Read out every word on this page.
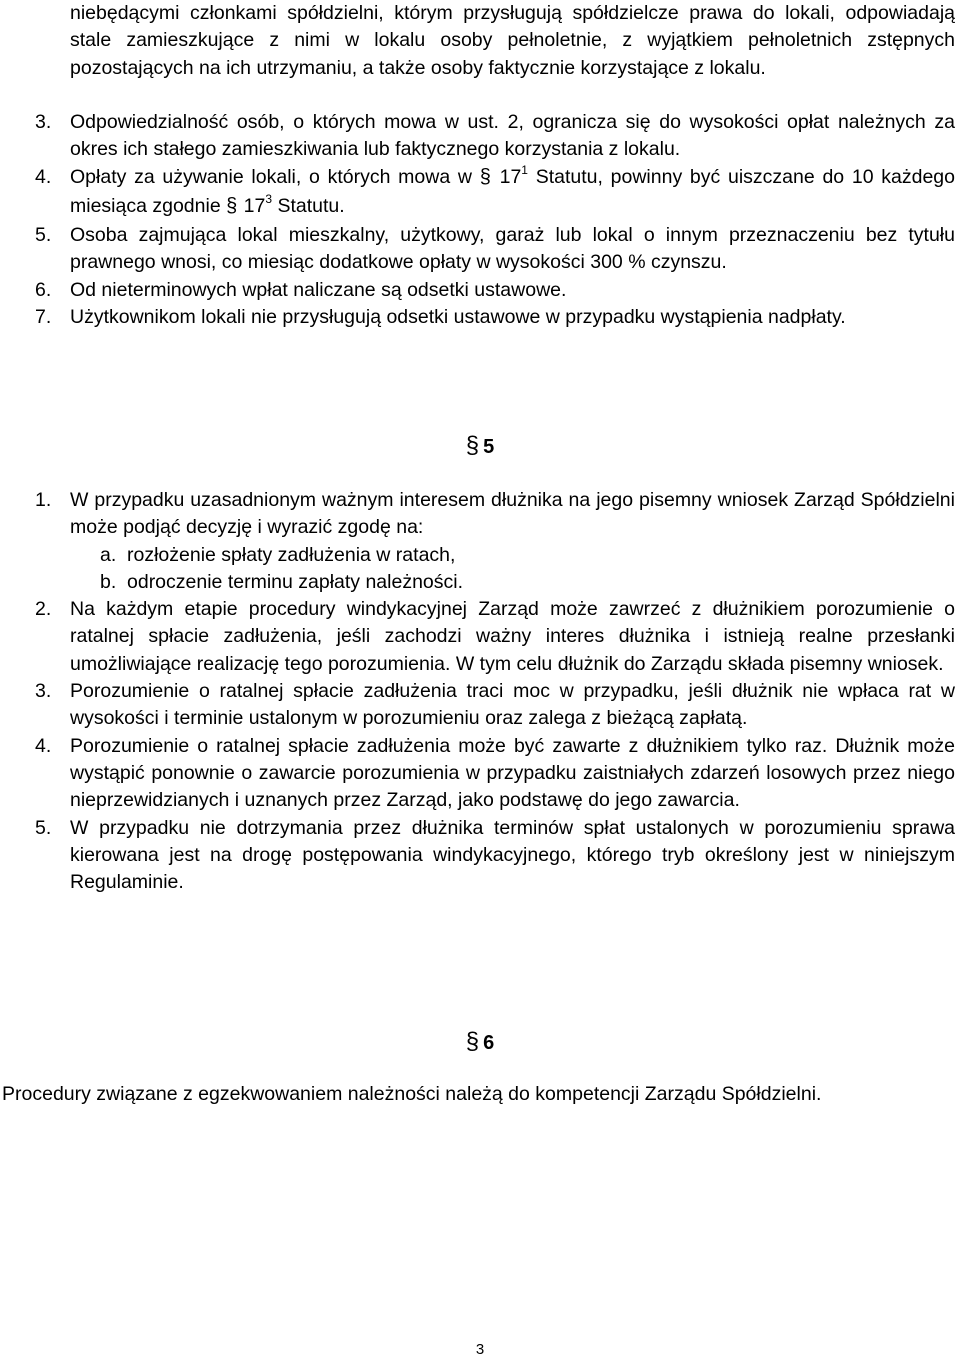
niebędącymi członkami spółdzielni, którym przysługują spółdzielcze prawa do lokali, odpowiadają stale zamieszkujące z nimi w lokalu osoby pełnoletnie, z wyjątkiem pełnoletnich zstępnych pozostających na ich utrzymaniu, a także osoby faktycznie korzystające z lokalu.
3. Odpowiedzialność osób, o których mowa w ust. 2, ogranicza się do wysokości opłat należnych za okres ich stałego zamieszkiwania lub faktycznego korzystania z lokalu.
4. Opłaty za używanie lokali, o których mowa w § $17^1$ Statutu, powinny być uiszczane do 10 każdego miesiąca zgodnie § $17^3$ Statutu.
5. Osoba zajmująca lokal mieszkalny, użytkowy, garaż lub lokal o innym przeznaczeniu bez tytułu prawnego wnosi, co miesiąc dodatkowe opłaty w wysokości 300 % czynszu.
6. Od nieterminowych wpłat naliczane są odsetki ustawowe.
7. Użytkownikom lokali nie przysługują odsetki ustawowe w przypadku wystąpienia nadpłaty.
§ 5
1. W przypadku uzasadnionym ważnym interesem dłużnika na jego pisemny wniosek Zarząd Spółdzielni może podjąć decyzję i wyrazić zgodę na:
a. rozłożenie spłaty zadłużenia w ratach,
b. odroczenie terminu zapłaty należności.
2. Na każdym etapie procedury windykacyjnej Zarząd może zawrzeć z dłużnikiem porozumienie o ratalnej spłacie zadłużenia, jeśli zachodzi ważny interes dłużnika i istnieją realne przesłanki umożliwiające realizację tego porozumienia. W tym celu dłużnik do Zarządu składa pisemny wniosek.
3. Porozumienie o ratalnej spłacie zadłużenia traci moc w przypadku, jeśli dłużnik nie wpłaca rat w wysokości i terminie ustalonym w porozumieniu oraz zalega z bieżącą zapłatą.
4. Porozumienie o ratalnej spłacie zadłużenia może być zawarte z dłużnikiem tylko raz. Dłużnik może wystąpić ponownie o zawarcie porozumienia w przypadku zaistniałych zdarzeń losowych przez niego nieprzewidzianych i uznanych przez Zarząd, jako podstawę do jego zawarcia.
5. W przypadku nie dotrzymania przez dłużnika terminów spłat ustalonych w porozumieniu sprawa kierowana jest na drogę postępowania windykacyjnego, którego tryb określony jest w niniejszym Regulaminie.
§ 6
Procedury związane z egzekwowaniem należności należą do kompetencji Zarządu Spółdzielni.
3
